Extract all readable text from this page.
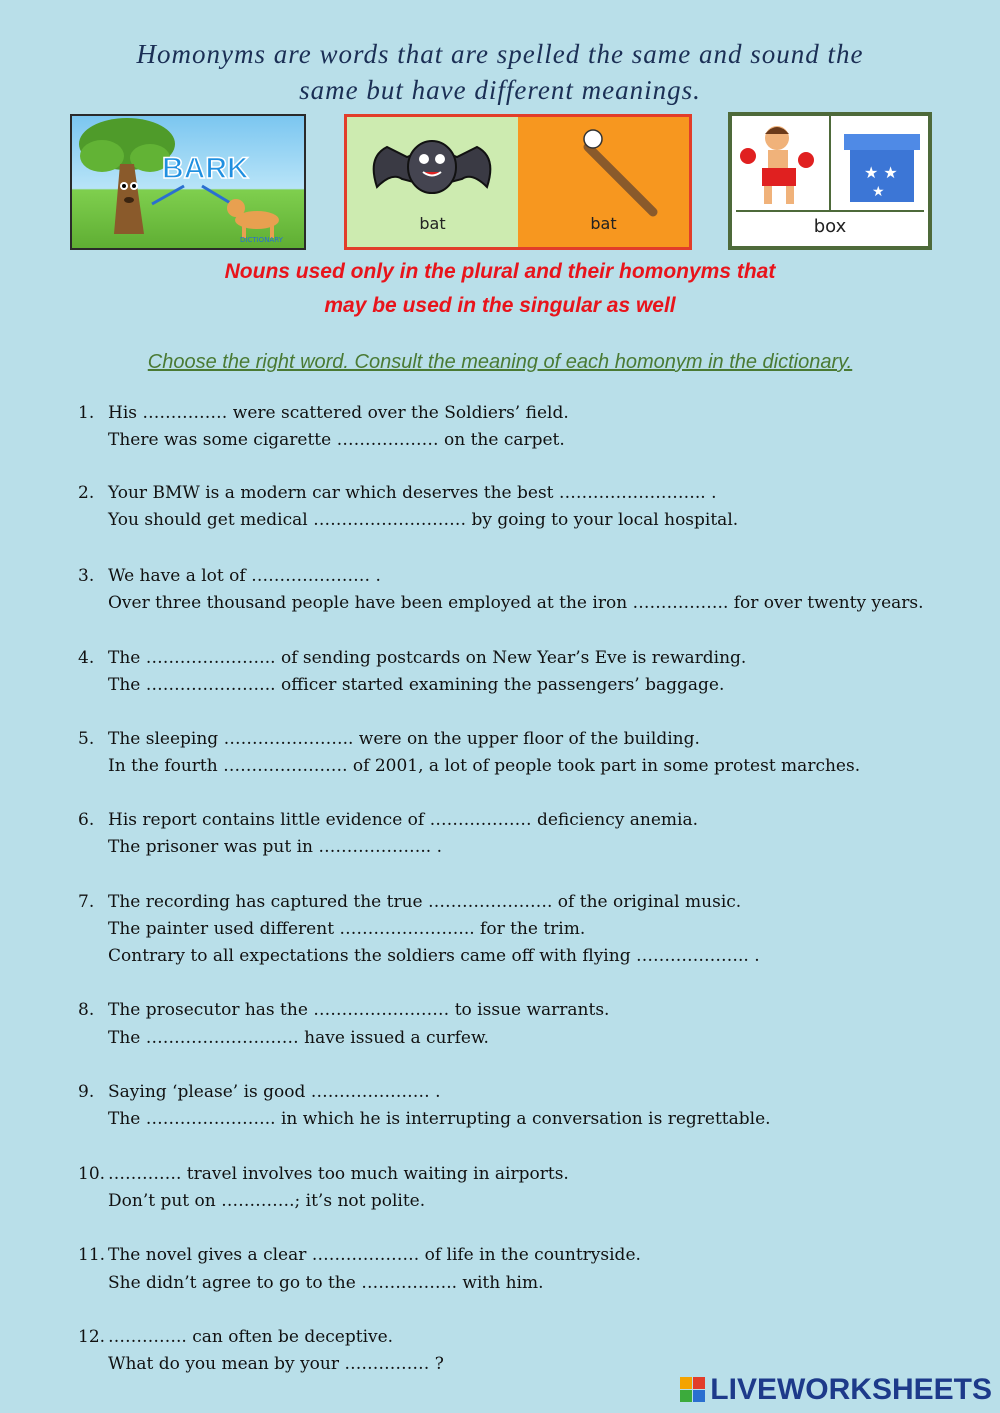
Homonyms are words that are spelled the same and sound the
same but have different meanings.
BARK
DICTIONARY
bat	bat
★ ★
★
box
Nouns used only in the plural and their homonyms that
may be used in the singular as well
Choose the right word. Consult the meaning of each homonym in the dictionary.
1. His …………… were scattered over the Soldiers’ field.
There was some cigarette ……………… on the carpet.
2. Your BMW is a modern car which deserves the best …………………….. .
You should get medical ……………………… by going to your local hospital.
3. We have a lot of ………………… .
Over three thousand people have been employed at the iron …………….. for over twenty years.
4. The ………………….. of sending postcards on New Year’s Eve is rewarding.
The ………………….. officer started examining the passengers’ baggage.
5. The sleeping ………………….. were on the upper floor of the building.
In the fourth …………………. of 2001, a lot of people took part in some protest marches.
6. His report contains little evidence of ……………… deficiency anemia.
The prisoner was put in ……………….. .
7. The recording has captured the true …………………. of the original music.
The painter used different …………………... for the trim.
Contrary to all expectations the soldiers came off with flying ……………….. .
8. The prosecutor has the …………………… to issue warrants.
The ……………………… have issued a curfew.
9. Saying ‘please’ is good ………………… .
The ………………….. in which he is interrupting a conversation is regrettable.
10. …………. travel involves too much waiting in airports.
Don’t put on ………….; it’s not polite.
11. The novel gives a clear ………………. of life in the countryside.
She didn’t agree to go to the …………….. with him.
12. ………….. can often be deceptive.
What do you mean by your …………… ?
LIVEWORKSHEETS
